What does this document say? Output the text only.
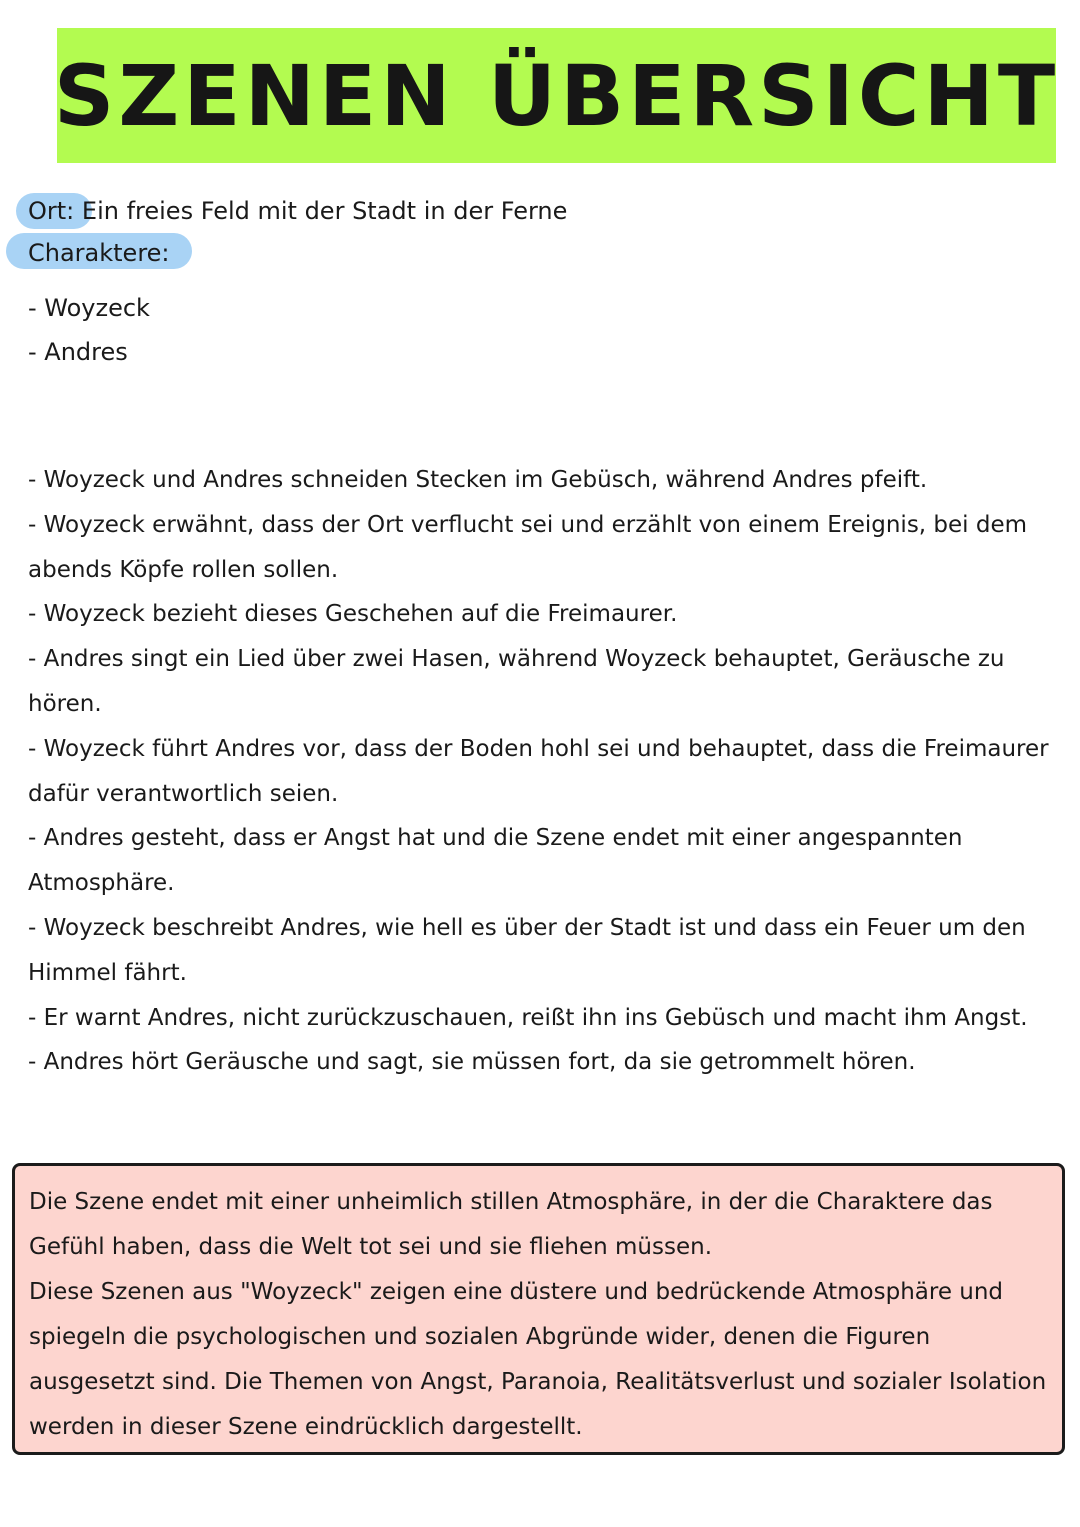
SZENEN ÜBERSICHT
Ort: Ein freies Feld mit der Stadt in der Ferne
Charaktere:
- Woyzeck
- Andres
- Woyzeck und Andres schneiden Stecken im Gebüsch, während Andres pfeift.
- Woyzeck erwähnt, dass der Ort verflucht sei und erzählt von einem Ereignis, bei dem abends Köpfe rollen sollen.
- Woyzeck bezieht dieses Geschehen auf die Freimaurer.
- Andres singt ein Lied über zwei Hasen, während Woyzeck behauptet, Geräusche zu hören.
- Woyzeck führt Andres vor, dass der Boden hohl sei und behauptet, dass die Freimaurer dafür verantwortlich seien.
- Andres gesteht, dass er Angst hat und die Szene endet mit einer angespannten Atmosphäre.
- Woyzeck beschreibt Andres, wie hell es über der Stadt ist und dass ein Feuer um den Himmel fährt.
- Er warnt Andres, nicht zurückzuschauen, reißt ihn ins Gebüsch und macht ihm Angst.
- Andres hört Geräusche und sagt, sie müssen fort, da sie getrommelt hören.

Die Szene endet mit einer unheimlich stillen Atmosphäre, in der die Charaktere das Gefühl haben, dass die Welt tot sei und sie fliehen müssen.

Diese Szenen aus "Woyzeck" zeigen eine düstere und bedrückende Atmosphäre und spiegeln die psychologischen und sozialen Abgründe wider, denen die Figuren ausgesetzt sind. Die Themen von Angst, Paranoia, Realitätsverlust und sozialer Isolation werden in dieser Szene eindrücklich dargestellt.
